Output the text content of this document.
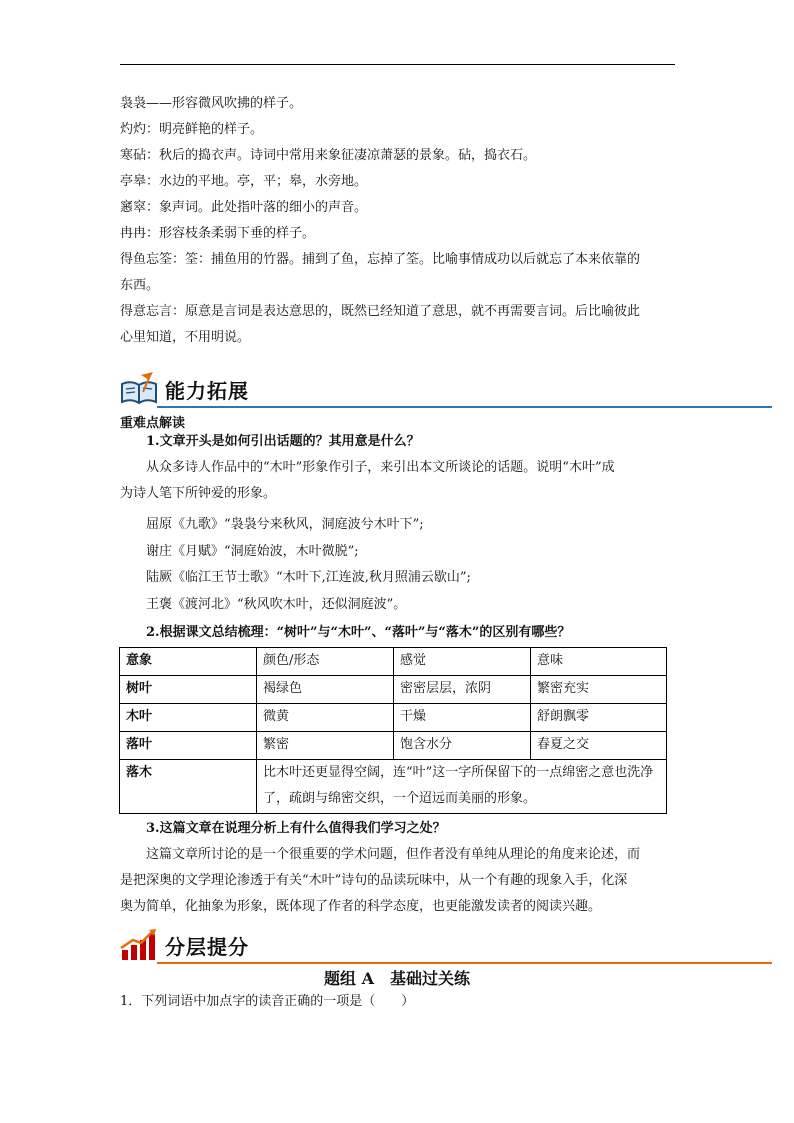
袅袅——形容微风吹拂的样子。

灼灼：明亮鲜艳的样子。

寒砧：秋后的捣衣声。诗词中常用来象征凄凉萧瑟的景象。砧，捣衣石。

亭皋：水边的平地。亭，平；皋，水旁地。

窸窣：象声词。此处指叶落的细小的声音。

冉冉：形容枝条柔弱下垂的样子。

得鱼忘筌：筌：捕鱼用的竹器。捕到了鱼，忘掉了筌。比喻事情成功以后就忘了本来依靠的

东西。

得意忘言：原意是言词是表达意思的，既然已经知道了意思，就不再需要言词。后比喻彼此

心里知道，不用明说。

能力拓展
重难点解读
1.文章开头是如何引出话题的？其用意是什么？

从众多诗人作品中的“木叶”形象作引子，来引出本文所谈论的话题。说明“木叶”成

为诗人笔下所钟爱的形象。

屈原《九歌》“袅袅兮来秋风，洞庭波兮木叶下”;
谢庄《月赋》“洞庭始波，木叶微脱”;
陆厥《临江王节士歌》“木叶下,江连波,秋月照浦云歇山”;
王褒《渡河北》“秋风吹木叶，还似洞庭波”。
2.根据课文总结梳理：“树叶”与“木叶”、“落叶”与“落木”的区别有哪些？
意象	颜色/形态	感觉	意味
树叶	褐绿色	密密层层，浓阴	繁密充实
木叶	微黄	干燥	舒朗飘零
落叶	繁密	饱含水分	春夏之交
落木	比木叶还更显得空阔，连“叶”这一字所保留下的一点绵密之意也洗净了，疏朗与绵密交织，一个迢远而美丽的形象。		
3.这篇文章在说理分析上有什么值得我们学习之处？

这篇文章所讨论的是一个很重要的学术问题，但作者没有单纯从理论的角度来论述，而

是把深奥的文学理论渗透于有关“木叶”诗句的品读玩味中，从一个有趣的现象入手，化深

奥为简单，化抽象为形象，既体现了作者的科学态度，也更能激发读者的阅读兴趣。

分层提分
题组 A　基础过关练
1．下列词语中加点字的读音正确的一项是（　　）
